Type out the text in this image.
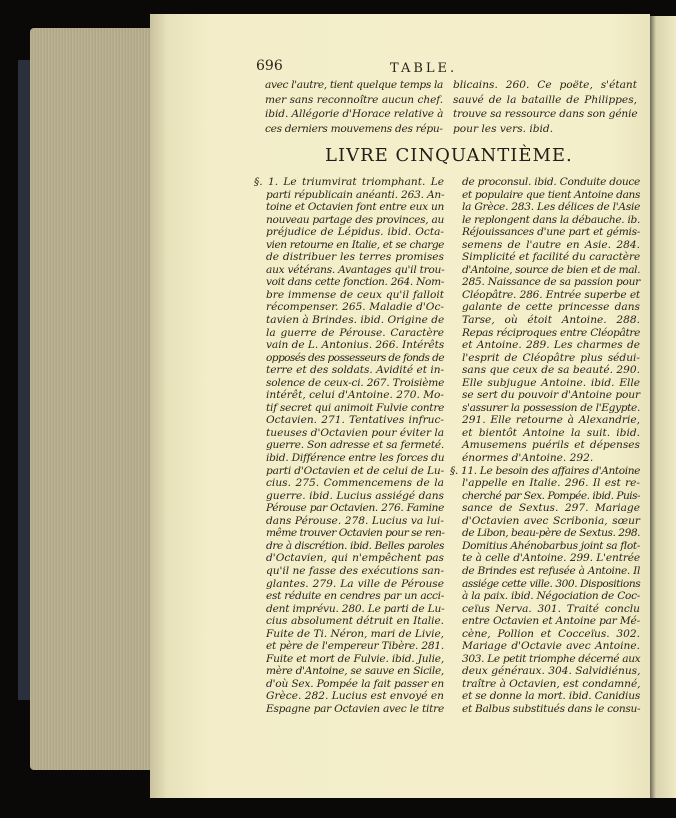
696	TABLE.
LIVRE CINQUANTIÈME.
avec l'autre, tient quelque temps la
mer sans reconnoître aucun chef.
ibid. Allégorie d'Horace relative à
ces derniers mouvemens des répu-
blicains. 260. Ce poëte, s'étant
sauvé de la bataille de Philippes,
trouve sa ressource dans son génie
pour les vers. ibid.
§. 1. Le triumvirat triomphant. Le
parti républicain anéanti. 263. An-
toine et Octavien font entre eux un
nouveau partage des provinces, au
préjudice de Lépidus. ibid. Octa-
vien retourne en Italie, et se charge
de distribuer les terres promises
aux vétérans. Avantages qu'il trou-
voit dans cette fonction. 264. Nom-
bre immense de ceux qu'il falloit
récompenser. 265. Maladie d'Oc-
tavien à Brindes. ibid. Origine de
la guerre de Pérouse. Caractère
vain de L. Antonius. 266. Intérêts
opposés des possesseurs de fonds de
terre et des soldats. Avidité et in-
solence de ceux-ci. 267. Troisième
intérêt, celui d'Antoine. 270. Mo-
tif secret qui animoit Fulvie contre
Octavien. 271. Tentatives infruc-
tueuses d'Octavien pour éviter la
guerre. Son adresse et sa fermeté.
ibid. Différence entre les forces du
parti d'Octavien et de celui de Lu-
cius. 275. Commencemens de la
guerre. ibid. Lucius assiégé dans
Pérouse par Octavien. 276. Famine
dans Pérouse. 278. Lucius va lui-
même trouver Octavien pour se ren-
dre à discrétion. ibid. Belles paroles
d'Octavien, qui n'empêchent pas
qu'il ne fasse des exécutions san-
glantes. 279. La ville de Pérouse
est réduite en cendres par un acci-
dent imprévu. 280. Le parti de Lu-
cius absolument détruit en Italie.
Fuite de Ti. Néron, mari de Livie,
et père de l'empereur Tibère. 281.
Fuite et mort de Fulvie. ibid. Julie,
mère d'Antoine, se sauve en Sicile,
d'où Sex. Pompée la fait passer en
Grèce. 282. Lucius est envoyé en
Espagne par Octavien avec le titre
de proconsul. ibid. Conduite douce
et populaire que tient Antoine dans
la Grèce. 283. Les délices de l'Asie
le replongent dans la débauche. ib.
Réjouissances d'une part et gémis-
semens de l'autre en Asie. 284.
Simplicité et facilité du caractère
d'Antoine, source de bien et de mal.
285. Naissance de sa passion pour
Cléopâtre. 286. Entrée superbe et
galante de cette princesse dans
Tarse, où étoit Antoine. 288.
Repas réciproques entre Cléopâtre
et Antoine. 289. Les charmes de
l'esprit de Cléopâtre plus sédui-
sans que ceux de sa beauté. 290.
Elle subjugue Antoine. ibid. Elle
se sert du pouvoir d'Antoine pour
s'assurer la possession de l'Egypte.
291. Elle retourne à Alexandrie,
et bientôt Antoine la suit. ibid.
Amusemens puérils et dépenses
énormes d'Antoine. 292.
§. 11. Le besoin des affaires d'Antoine
l'appelle en Italie. 296. Il est re-
cherché par Sex. Pompée. ibid. Puis-
sance de Sextus. 297. Mariage
d'Octavien avec Scribonia, sœur
de Libon, beau-père de Sextus. 298.
Domitius Ahénobarbus joint sa flot-
te à celle d'Antoine. 299. L'entrée
de Brindes est refusée à Antoine. Il
assiége cette ville. 300. Dispositions
à la paix. ibid. Négociation de Coc-
ceïus Nerva. 301. Traité conclu
entre Octavien et Antoine par Mé-
cène, Pollion et Cocceïus. 302.
Mariage d'Octavie avec Antoine.
303. Le petit triomphe décerné aux
deux généraux. 304. Salvidiénus,
traître à Octavien, est condamné,
et se donne la mort. ibid. Canidius
et Balbus substitués dans le consu-
